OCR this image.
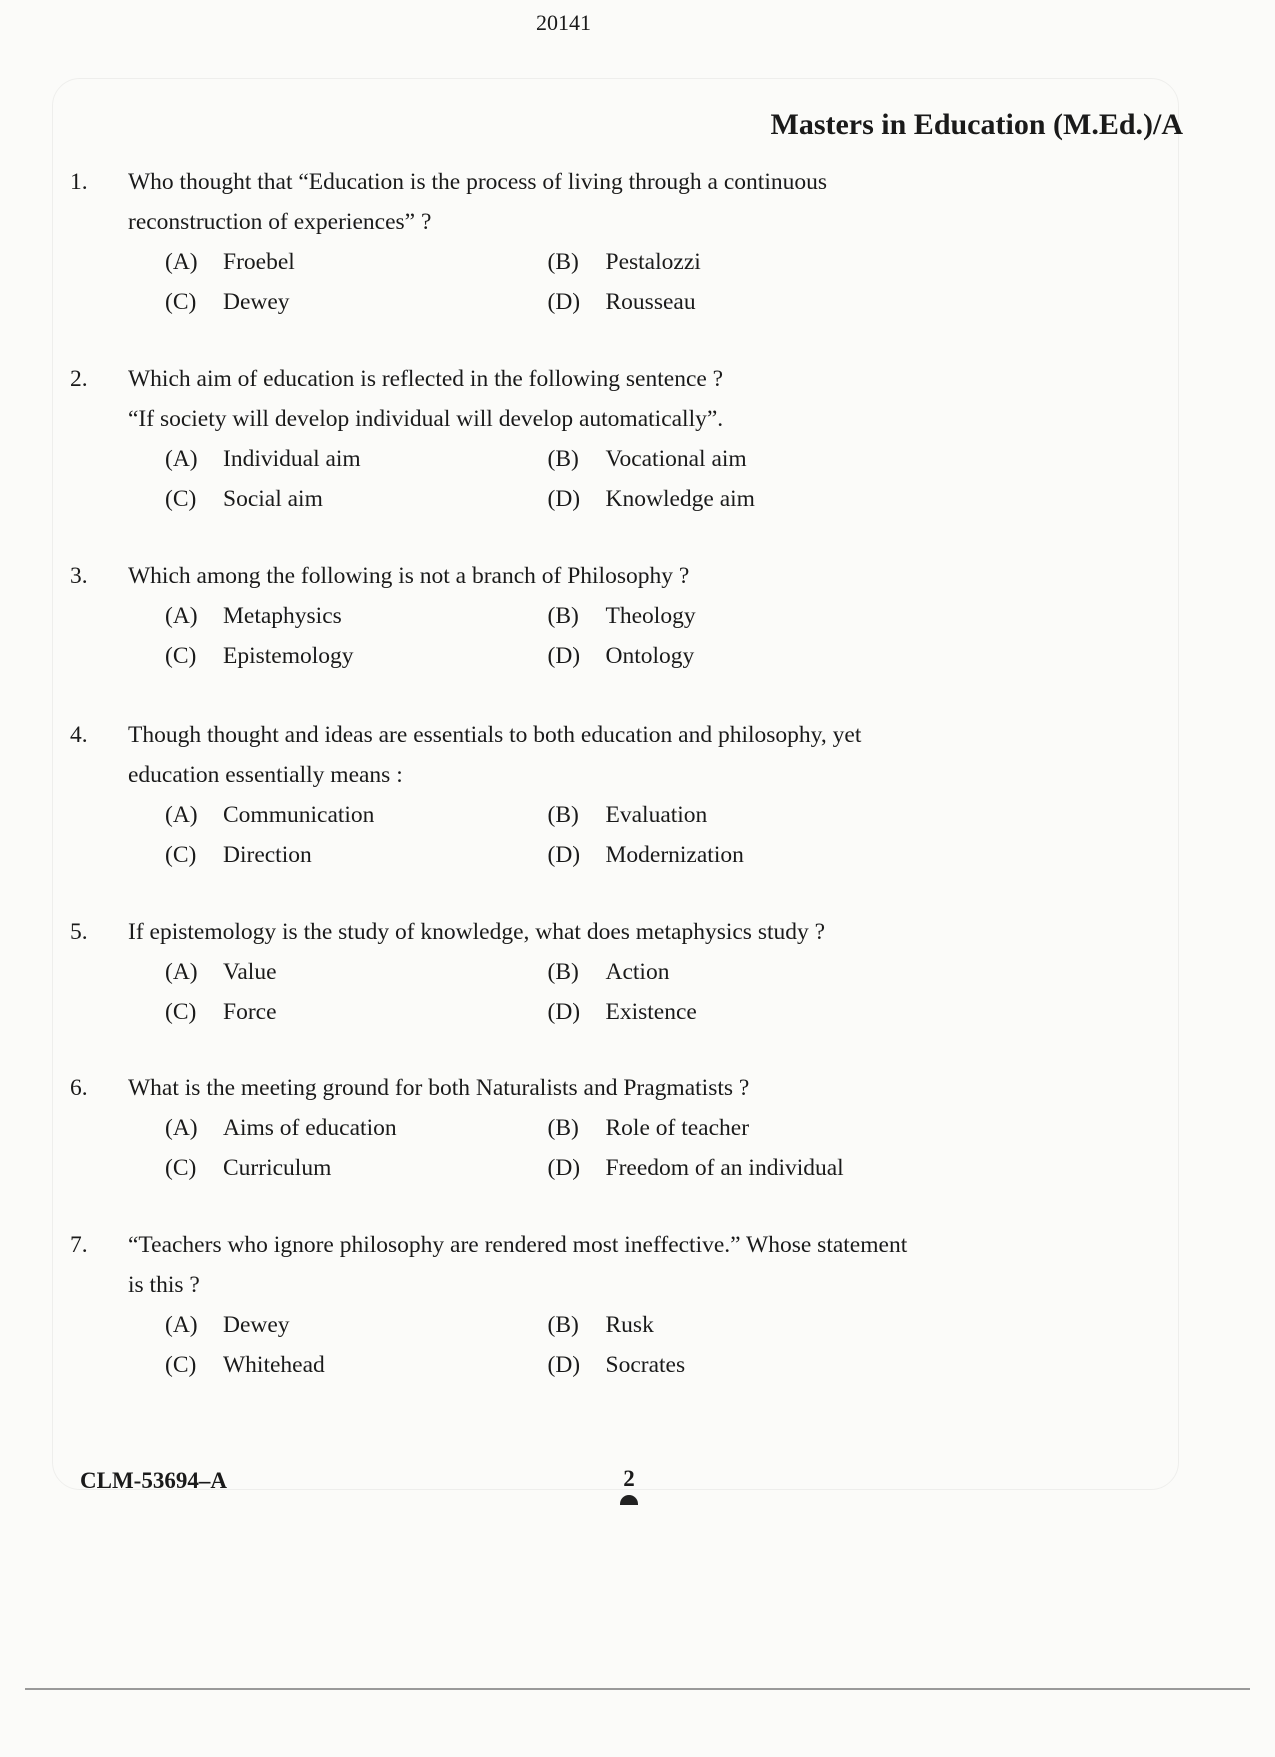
20141
Masters in Education (M.Ed.)/A
1.	Who thought that “Education is the process of living through a continuous
reconstruction of experiences” ?
(A)	Froebel	(B)	Pestalozzi
(C)	Dewey	(D)	Rousseau
2.	Which aim of education is reflected in the following sentence ?
“If society will develop individual will develop automatically”.
(A)	Individual aim	(B)	Vocational aim
(C)	Social aim	(D)	Knowledge aim
3.	Which among the following is not a branch of Philosophy ?
(A)	Metaphysics	(B)	Theology
(C)	Epistemology	(D)	Ontology
4.	Though thought and ideas are essentials to both education and philosophy, yet
education essentially means :
(A)	Communication	(B)	Evaluation
(C)	Direction	(D)	Modernization
5.	If epistemology is the study of knowledge, what does metaphysics study ?
(A)	Value	(B)	Action
(C)	Force	(D)	Existence
6.	What is the meeting ground for both Naturalists and Pragmatists ?
(A)	Aims of education	(B)	Role of teacher
(C)	Curriculum	(D)	Freedom of an individual
7.	“Teachers who ignore philosophy are rendered most ineffective.” Whose statement
is this ?
(A)	Dewey	(B)	Rusk
(C)	Whitehead	(D)	Socrates
CLM-53694–A	2
